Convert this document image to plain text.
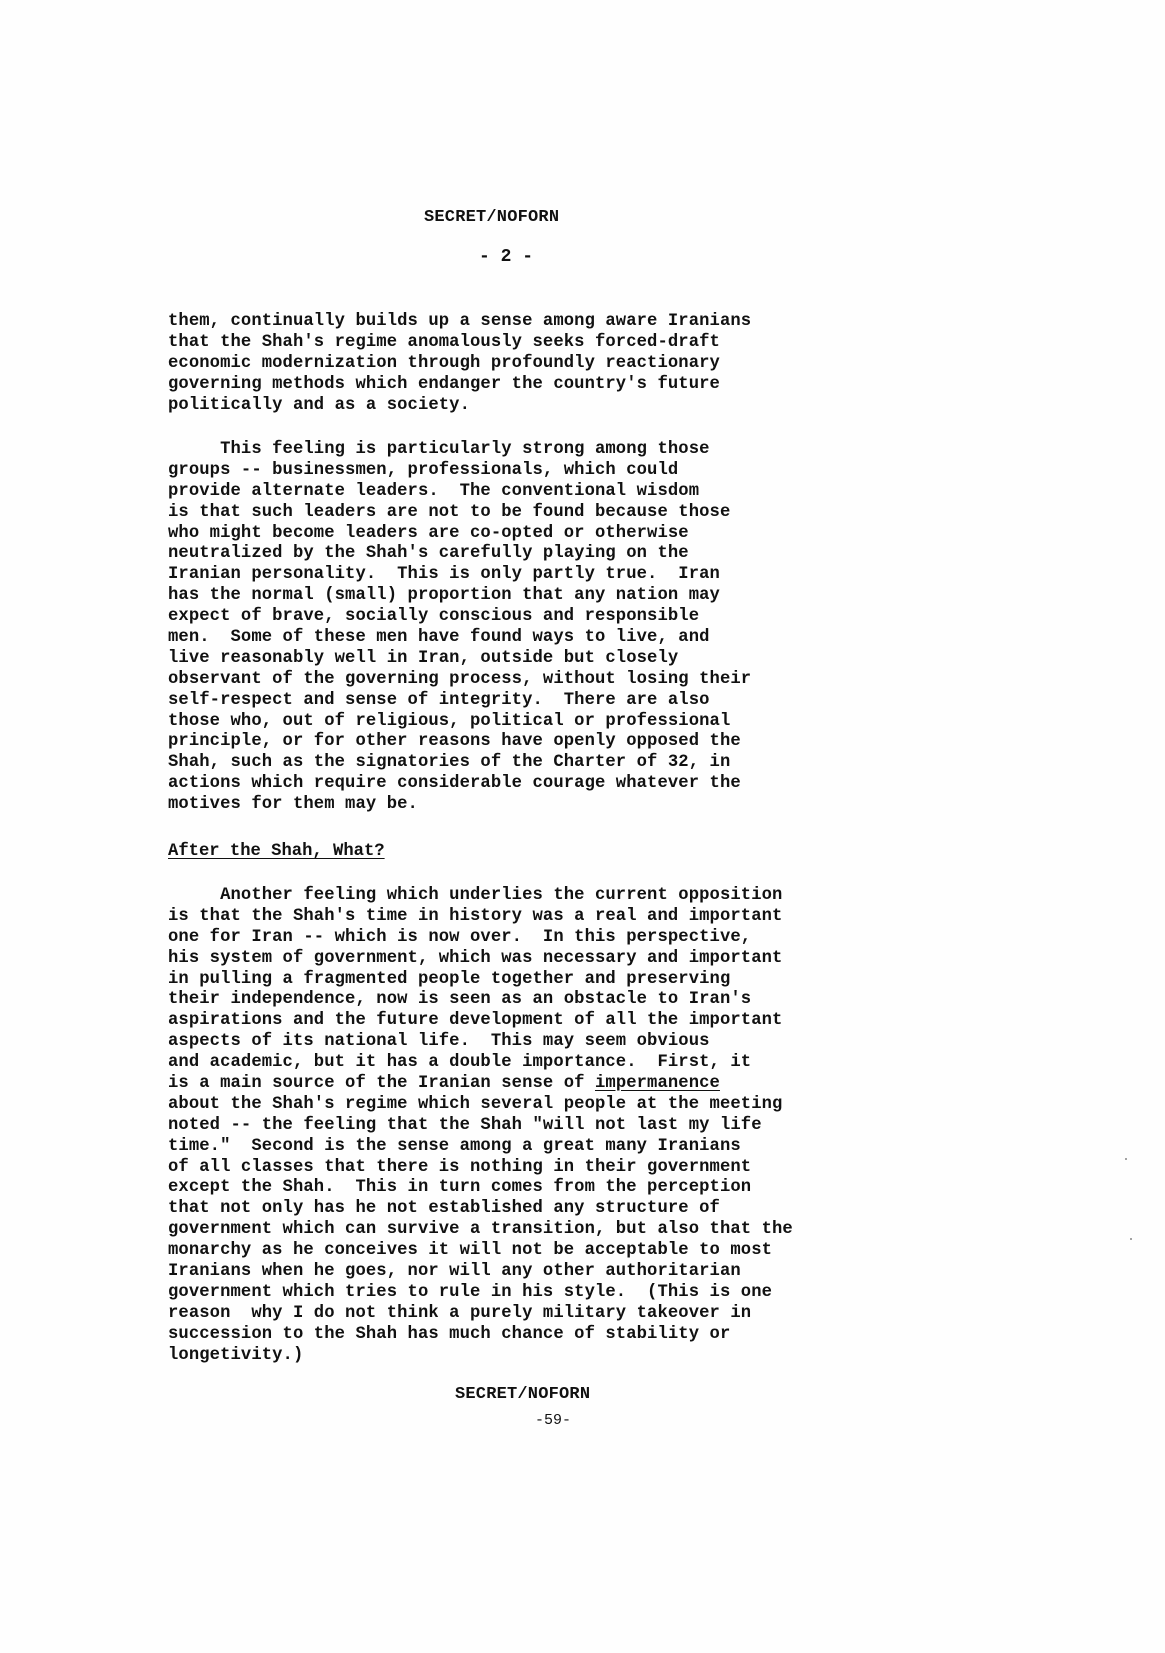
SECRET/NOFORN
- 2 -
them, continually builds up a sense among aware Iranians
that the Shah's regime anomalously seeks forced-draft
economic modernization through profoundly reactionary
governing methods which endanger the country's future
politically and as a society.
This feeling is particularly strong among those
groups -- businessmen, professionals, which could
provide alternate leaders.  The conventional wisdom
is that such leaders are not to be found because those
who might become leaders are co-opted or otherwise
neutralized by the Shah's carefully playing on the
Iranian personality.  This is only partly true.  Iran
has the normal (small) proportion that any nation may
expect of brave, socially conscious and responsible
men.  Some of these men have found ways to live, and
live reasonably well in Iran, outside but closely
observant of the governing process, without losing their
self-respect and sense of integrity.  There are also
those who, out of religious, political or professional
principle, or for other reasons have openly opposed the
Shah, such as the signatories of the Charter of 32, in
actions which require considerable courage whatever the
motives for them may be.
After the Shah, What?
Another feeling which underlies the current opposition
is that the Shah's time in history was a real and important
one for Iran -- which is now over.  In this perspective,
his system of government, which was necessary and important
in pulling a fragmented people together and preserving
their independence, now is seen as an obstacle to Iran's
aspirations and the future development of all the important
aspects of its national life.  This may seem obvious
and academic, but it has a double importance.  First, it
is a main source of the Iranian sense of impermanence
about the Shah's regime which several people at the meeting
noted -- the feeling that the Shah "will not last my life
time."  Second is the sense among a great many Iranians
of all classes that there is nothing in their government
except the Shah.  This in turn comes from the perception
that not only has he not established any structure of
government which can survive a transition, but also that the
monarchy as he conceives it will not be acceptable to most
Iranians when he goes, nor will any other authoritarian
government which tries to rule in his style.  (This is one
reason  why I do not think a purely military takeover in
succession to the Shah has much chance of stability or
longetivity.)
SECRET/NOFORN
-59-
